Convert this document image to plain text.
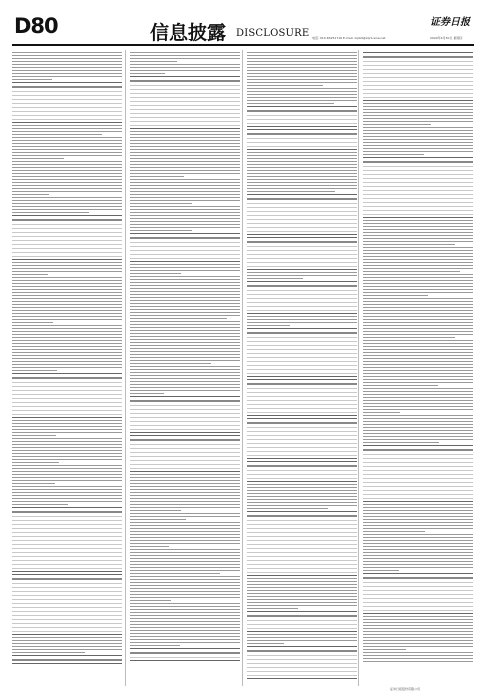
D80	信息披露 DISCLOSURE
证券日报
电话: 010-83251716 E-mail: zqrb9@zqrb.sina.net	2020年4月30日 星期四
证券日报股份有限公司
